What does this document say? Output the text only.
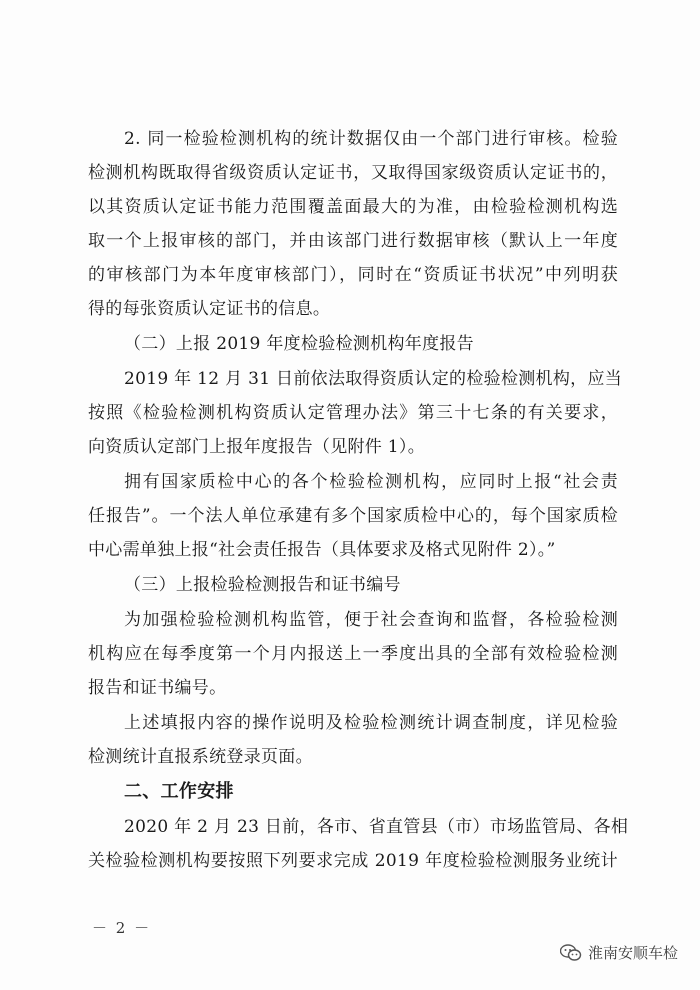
2. 同一检验检测机构的统计数据仅由一个部门进行审核。检验
检测机构既取得省级资质认定证书，又取得国家级资质认定证书的，
以其资质认定证书能力范围覆盖面最大的为准，由检验检测机构选
取一个上报审核的部门，并由该部门进行数据审核（默认上一年度
的审核部门为本年度审核部门），同时在“资质证书状况”中列明获
得的每张资质认定证书的信息。
（二）上报 2019 年度检验检测机构年度报告
2019 年 12 月 31 日前依法取得资质认定的检验检测机构，应当
按照《检验检测机构资质认定管理办法》第三十七条的有关要求，
向资质认定部门上报年度报告（见附件 1）。
拥有国家质检中心的各个检验检测机构，应同时上报“社会责
任报告”。一个法人单位承建有多个国家质检中心的，每个国家质检
中心需单独上报“社会责任报告（具体要求及格式见附件 2）。”
（三）上报检验检测报告和证书编号
为加强检验检测机构监管，便于社会查询和监督，各检验检测
机构应在每季度第一个月内报送上一季度出具的全部有效检验检测
报告和证书编号。
上述填报内容的操作说明及检验检测统计调查制度，详见检验
检测统计直报系统登录页面。
二、工作安排
2020 年 2 月 23 日前，各市、省直管县（市）市场监管局、各相
关检验检测机构要按照下列要求完成 2019 年度检验检测服务业统计
－ 2 －
淮南安顺车检
